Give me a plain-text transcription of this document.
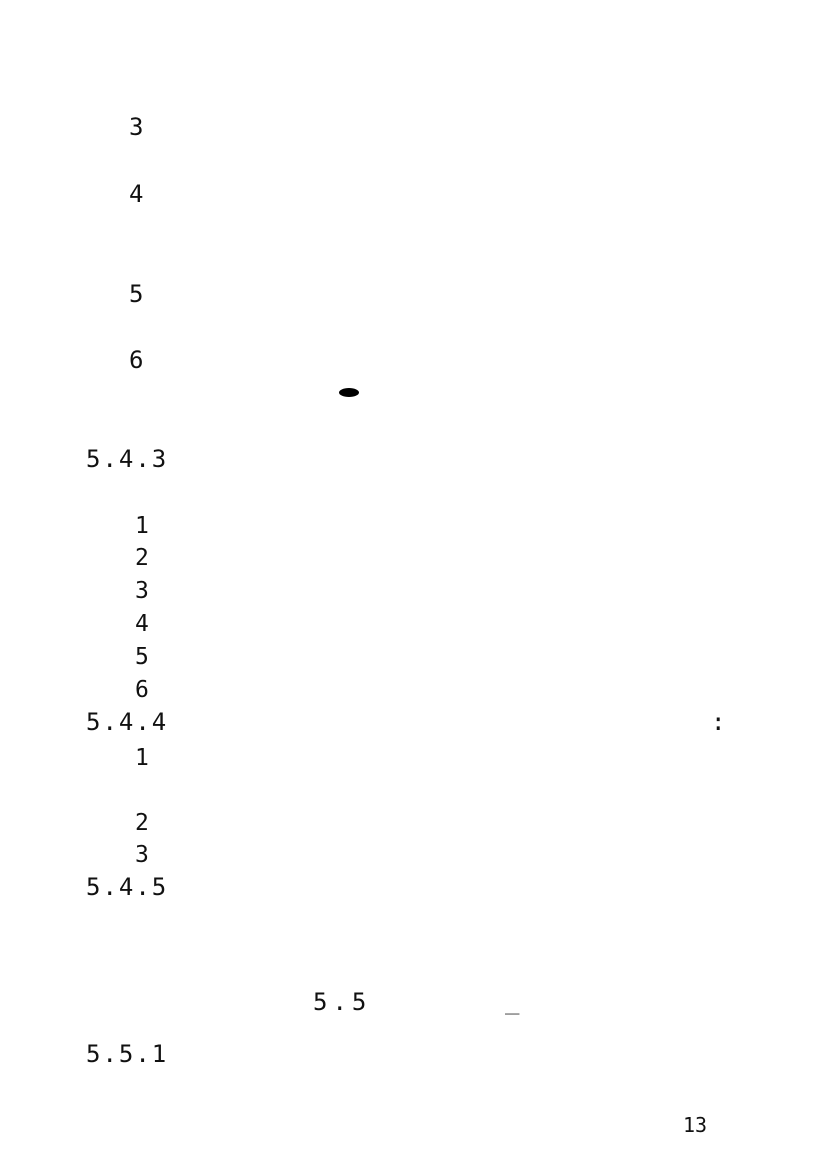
3
4
5
6
5.4.3
1
2
3
4
5
6
5.4.4	:
1
2
3
5.4.5
5.5	_
5.5.1
13
